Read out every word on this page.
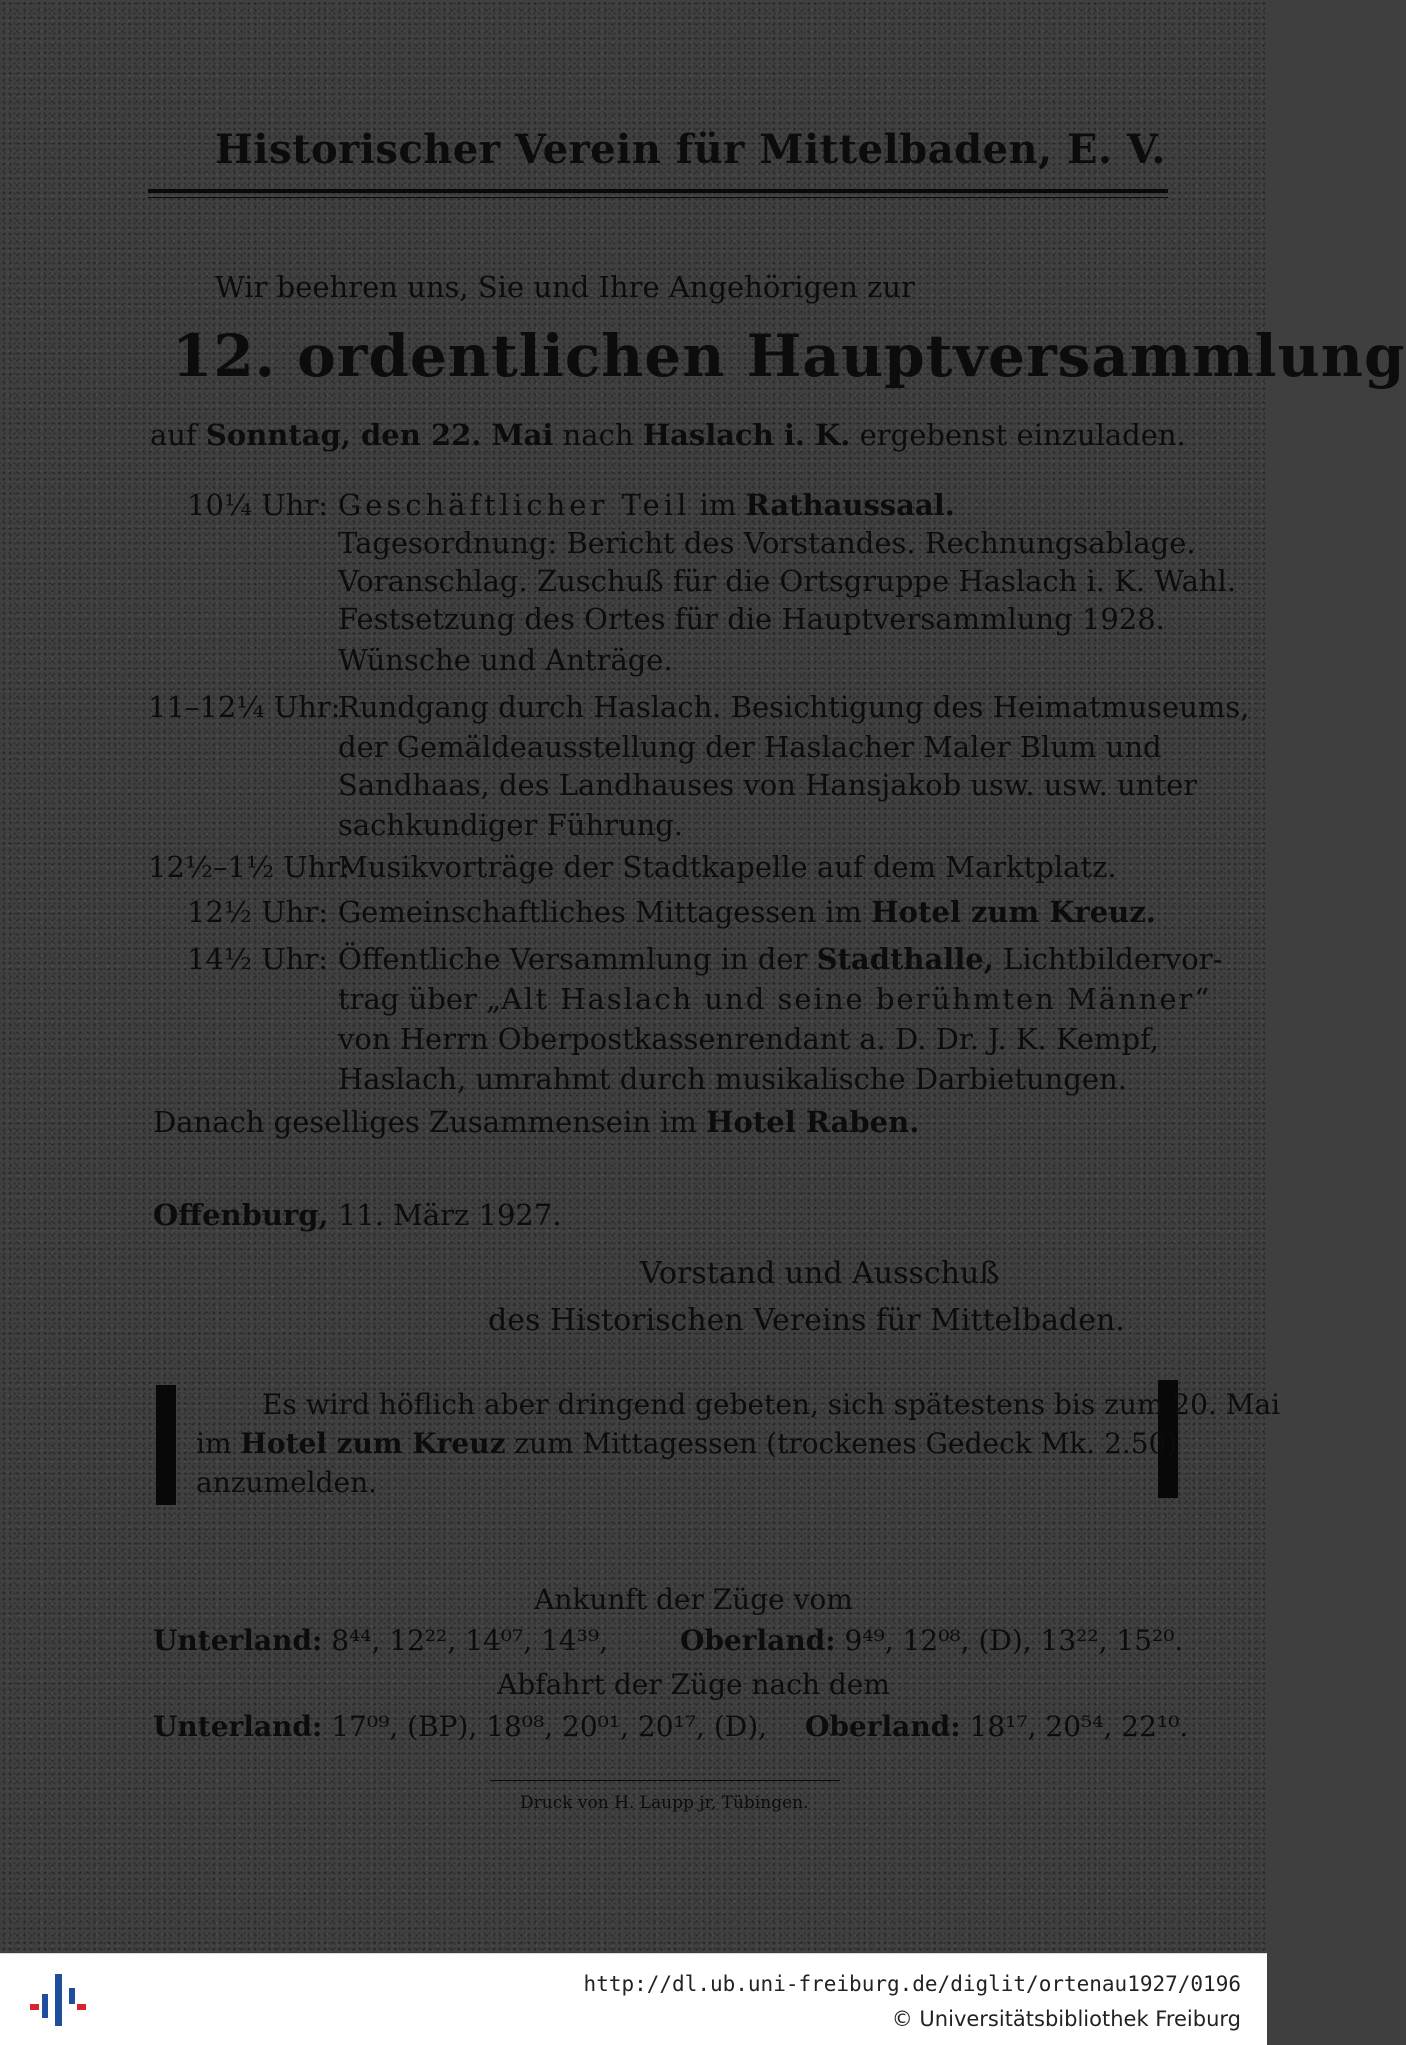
Historischer Verein für Mittelbaden, E. V.
Wir beehren uns, Sie und Ihre Angehörigen zur
12. ordentlichen Hauptversammlung
auf Sonntag, den 22. Mai nach Haslach i. K. ergebenst einzuladen.
10¼ Uhr: Geschäftlicher Teil im Rathaussaal.
Tagesordnung: Bericht des Vorstandes. Rechnungsablage.
Voranschlag. Zuschuß für die Ortsgruppe Haslach i. K. Wahl.
Festsetzung des Ortes für die Hauptversammlung 1928.
Wünsche und Anträge.
11–12¼ Uhr:
Rundgang durch Haslach. Besichtigung des Heimatmuseums,
der Gemäldeausstellung der Haslacher Maler Blum und
Sandhaas, des Landhauses von Hansjakob usw. usw. unter
sachkundiger Führung.
12½–1½ Uhr:
Musikvorträge der Stadtkapelle auf dem Marktplatz.
12½ Uhr: Gemeinschaftliches Mittagessen im Hotel zum Kreuz.
14½ Uhr: Öffentliche Versammlung in der Stadthalle, Lichtbildervor-
trag über „Alt Haslach und seine berühmten Männer“
von Herrn Oberpostkassenrendant a. D. Dr. J. K. Kempf,
Haslach, umrahmt durch musikalische Darbietungen.
Danach geselliges Zusammensein im Hotel Raben.
Offenburg, 11. März 1927.
Vorstand und Ausschuß
des Historischen Vereins für Mittelbaden.
Es wird höflich aber dringend gebeten, sich spätestens bis zum 20. Mai
im Hotel zum Kreuz zum Mittagessen (trockenes Gedeck Mk. 2.50)
anzumelden.
Ankunft der Züge vom
Unterland: 8⁴⁴, 12²², 14⁰⁷, 14³⁹,	Oberland: 9⁴⁹, 12⁰⁸, (D), 13²², 15²⁰.
Abfahrt der Züge nach dem
Unterland: 17⁰⁹, (BP), 18⁰⁸, 20⁰¹, 20¹⁷, (D), Oberland: 18¹⁷, 20⁵⁴, 22¹⁰.
Druck von H. Laupp jr, Tübingen.
http://dl.ub.uni-freiburg.de/diglit/ortenau1927/0196
© Universitätsbibliothek Freiburg
